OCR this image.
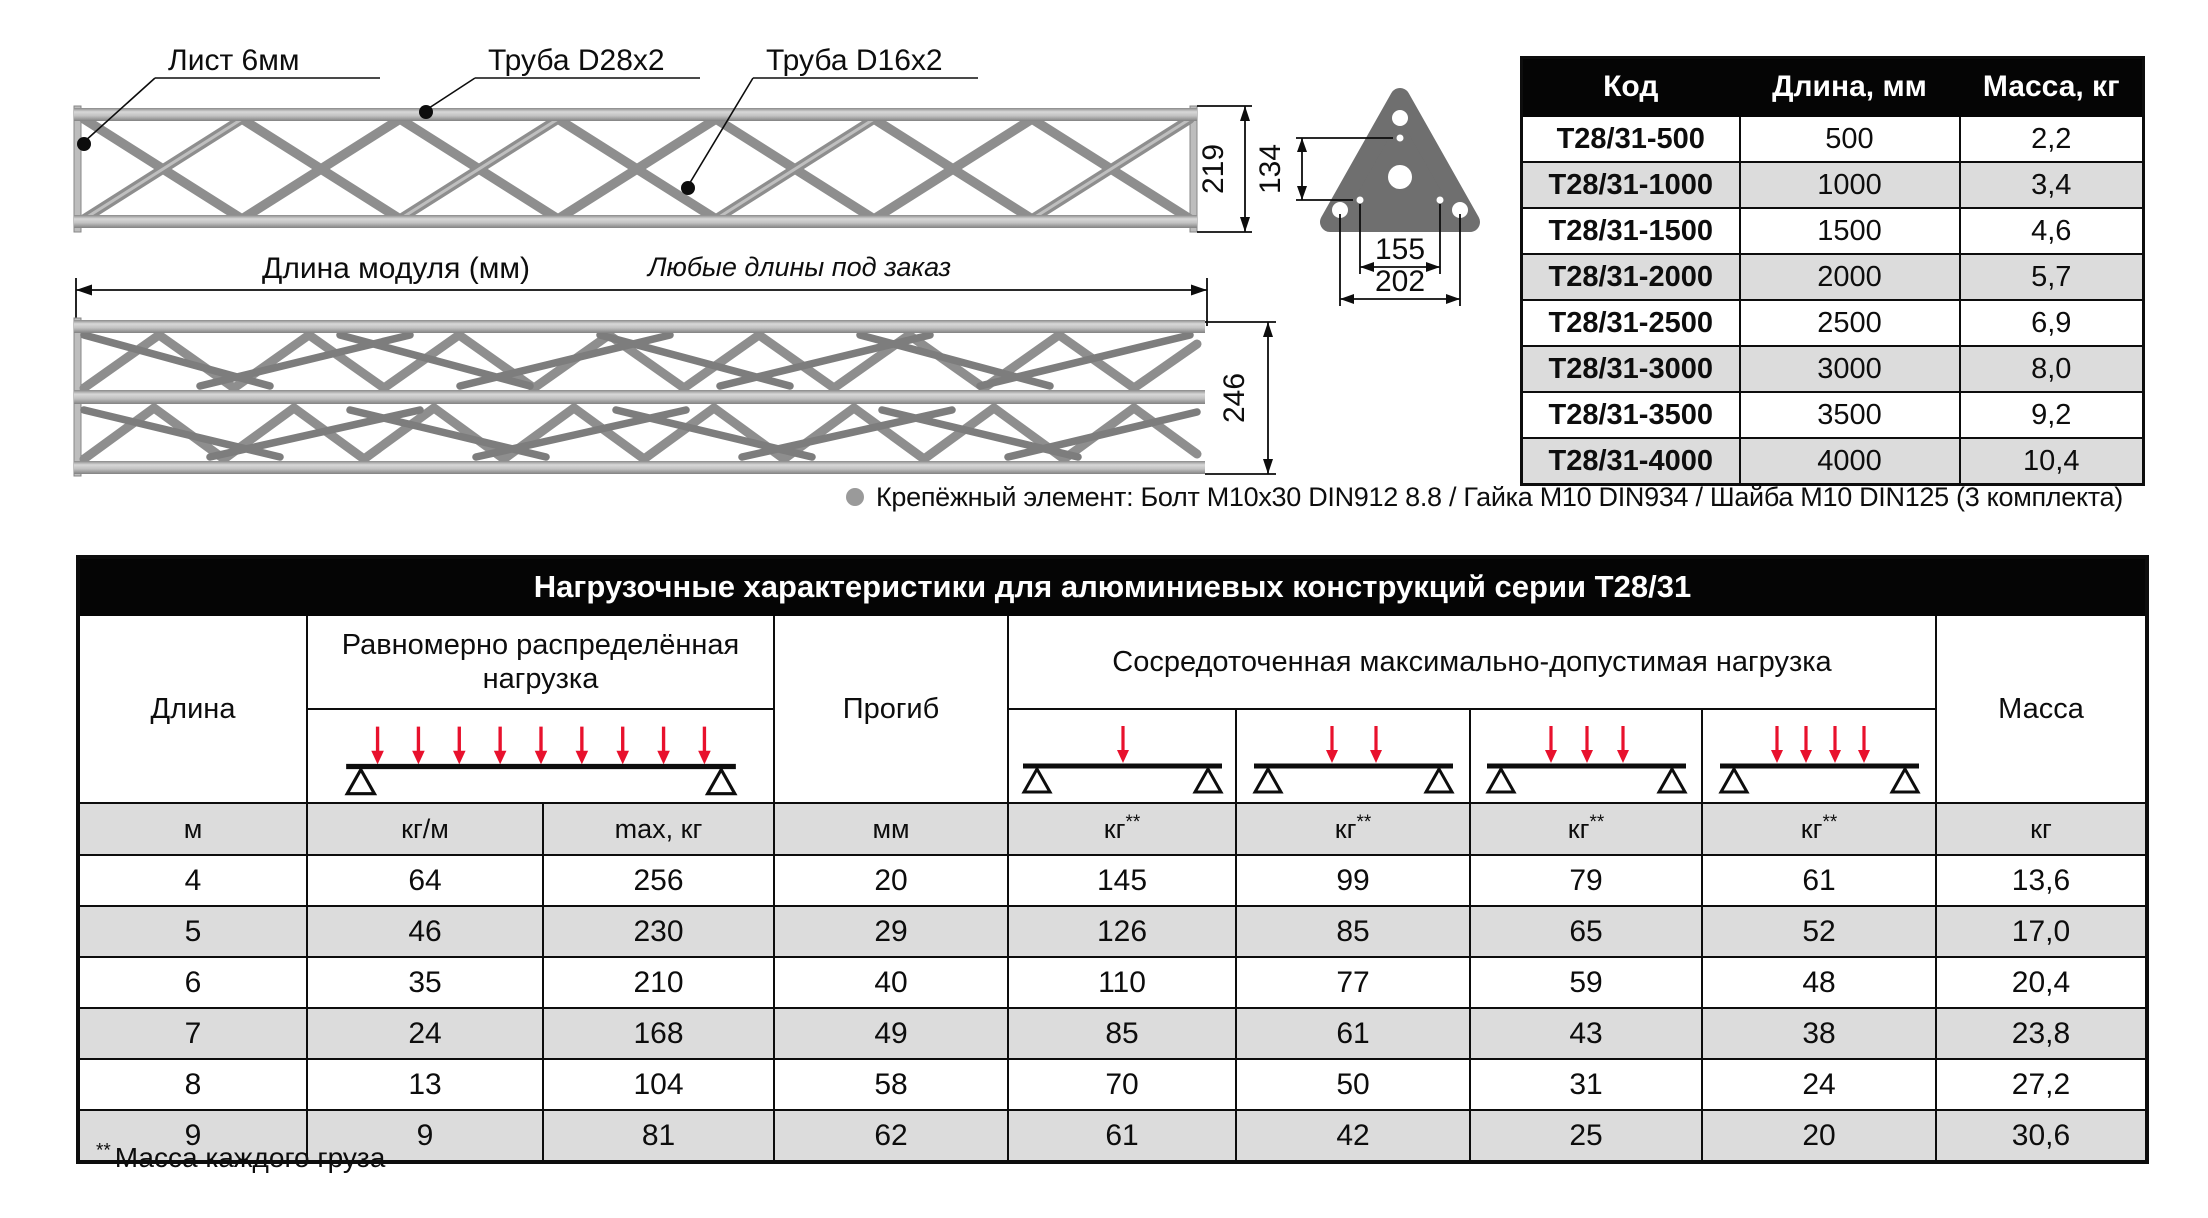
Лист 6мм	Труба D28x2	Труба D16x2
219 134
155
202
Длина модуля (мм)	Любые длины под заказ
246
Код	Длина, мм	Масса, кг
T28/31-500	500	2,2
T28/31-1000	1000	3,4
T28/31-1500	1500	4,6
T28/31-2000	2000	5,7
T28/31-2500	2500	6,9
T28/31-3000	3000	8,0
T28/31-3500	3500	9,2
T28/31-4000	4000	10,4
Крепёжный элемент: Болт M10x30 DIN912 8.8 / Гайка M10 DIN934 / Шайба M10 DIN125 (3 комплекта)
Нагрузочные характеристики для алюминиевых конструкций серии T28/31								
Длина	Равномерно распределённая нагрузка		Прогиб	Сосредоточенная максимально-допустимая нагрузка				Масса

м	кг/м	max, кг	мм	кг**	кг**	кг**	кг**	кг
4	64	256	20	145	99	79	61	13,6
5	46	230	29	126	85	65	52	17,0
6	35	210	40	110	77	59	48	20,4
7	24	168	49	85	61	43	38	23,8
8	13	104	58	70	50	31	24	27,2
9	9	81	62	61	42	25	20	30,6
** Масса каждого груза
